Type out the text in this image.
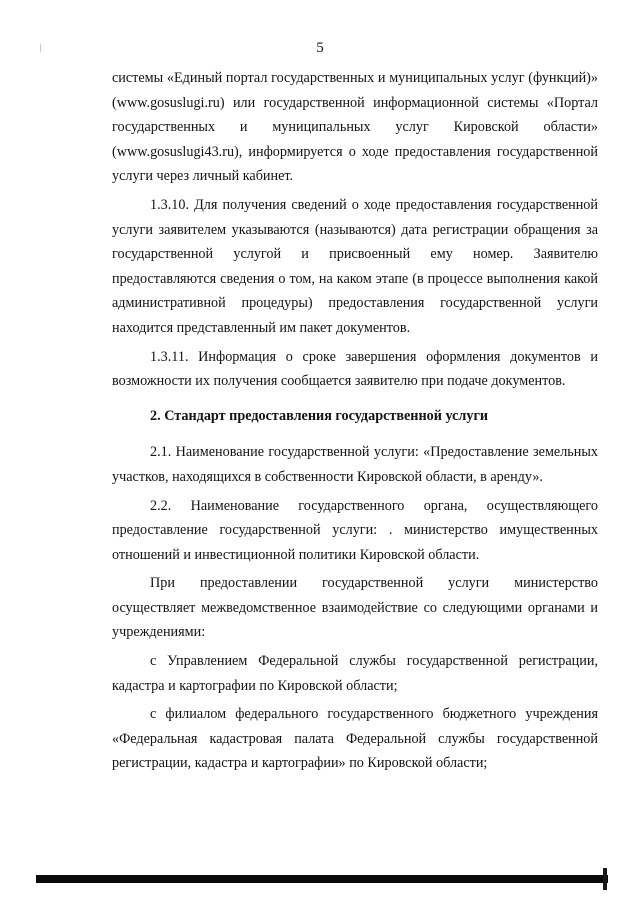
5

системы «Единый портал государственных и муниципальных услуг (функций)» (www.gosuslugi.ru) или государственной информационной системы «Портал государственных и муниципальных услуг Кировской области» (www.gosuslugi43.ru), информируется о ходе предоставления государственной услуги через личный кабинет.

1.3.10. Для получения сведений о ходе предоставления государственной услуги заявителем указываются (называются) дата регистрации обращения за государственной услугой и присвоенный ему номер. Заявителю предоставляются сведения о том, на каком этапе (в процессе выполнения какой административной процедуры) предоставления государственной услуги находится представленный им пакет документов.

1.3.11. Информация о сроке завершения оформления документов и возможности их получения сообщается заявителю при подаче документов.

2. Стандарт предоставления государственной услуги

2.1. Наименование государственной услуги: «Предоставление земельных участков, находящихся в собственности Кировской области, в аренду».

2.2. Наименование государственного органа, осуществляющего предоставление государственной услуги: . министерство имущественных отношений и инвестиционной политики Кировской области.

При предоставлении государственной услуги министерство осуществляет межведомственное взаимодействие со следующими органами и учреждениями:

с Управлением Федеральной службы государственной регистрации, кадастра и картографии по Кировской области;

с филиалом федерального государственного бюджетного учреждения «Федеральная кадастровая палата Федеральной службы государственной регистрации, кадастра и картографии» по Кировской области;
